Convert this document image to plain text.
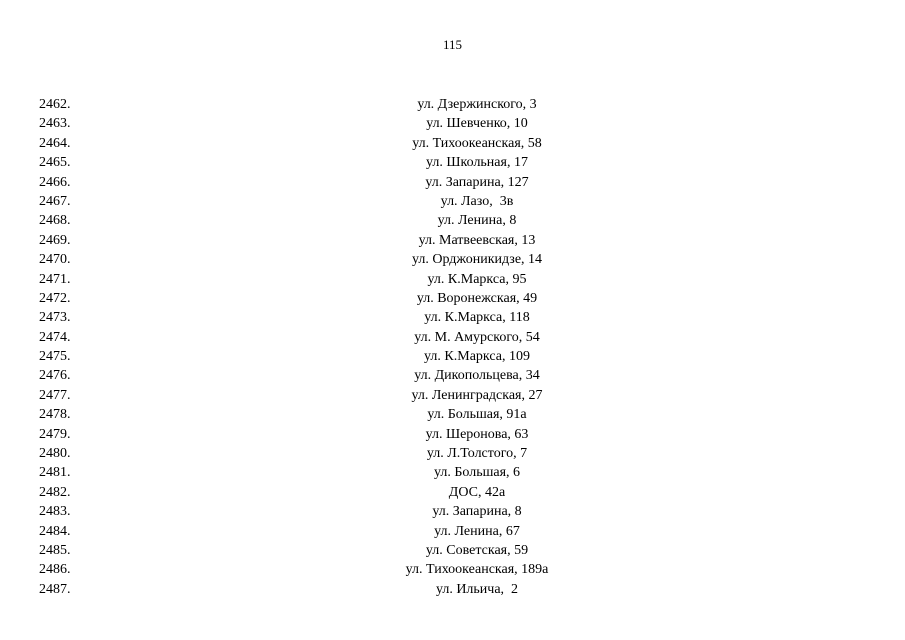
115
2462.	ул. Дзержинского, 3
2463.	ул. Шевченко, 10
2464.	ул. Тихоокеанская, 58
2465.	ул. Школьная, 17
2466.	ул. Запарина, 127
2467.	ул. Лазо,  3в
2468.	ул. Ленина, 8
2469.	ул. Матвеевская, 13
2470.	ул. Орджоникидзе, 14
2471.	ул. К.Маркса, 95
2472.	ул. Воронежская, 49
2473.	ул. К.Маркса, 118
2474.	ул. М. Амурского, 54
2475.	ул. К.Маркса, 109
2476.	ул. Дикопольцева, 34
2477.	ул. Ленинградская, 27
2478.	ул. Большая, 91а
2479.	ул. Шеронова, 63
2480.	ул. Л.Толстого, 7
2481.	ул. Большая, 6
2482.	ДОС, 42а
2483.	ул. Запарина, 8
2484.	ул. Ленина, 67
2485.	ул. Советская, 59
2486.	ул. Тихоокеанская, 189а
2487.	ул. Ильича,  2
